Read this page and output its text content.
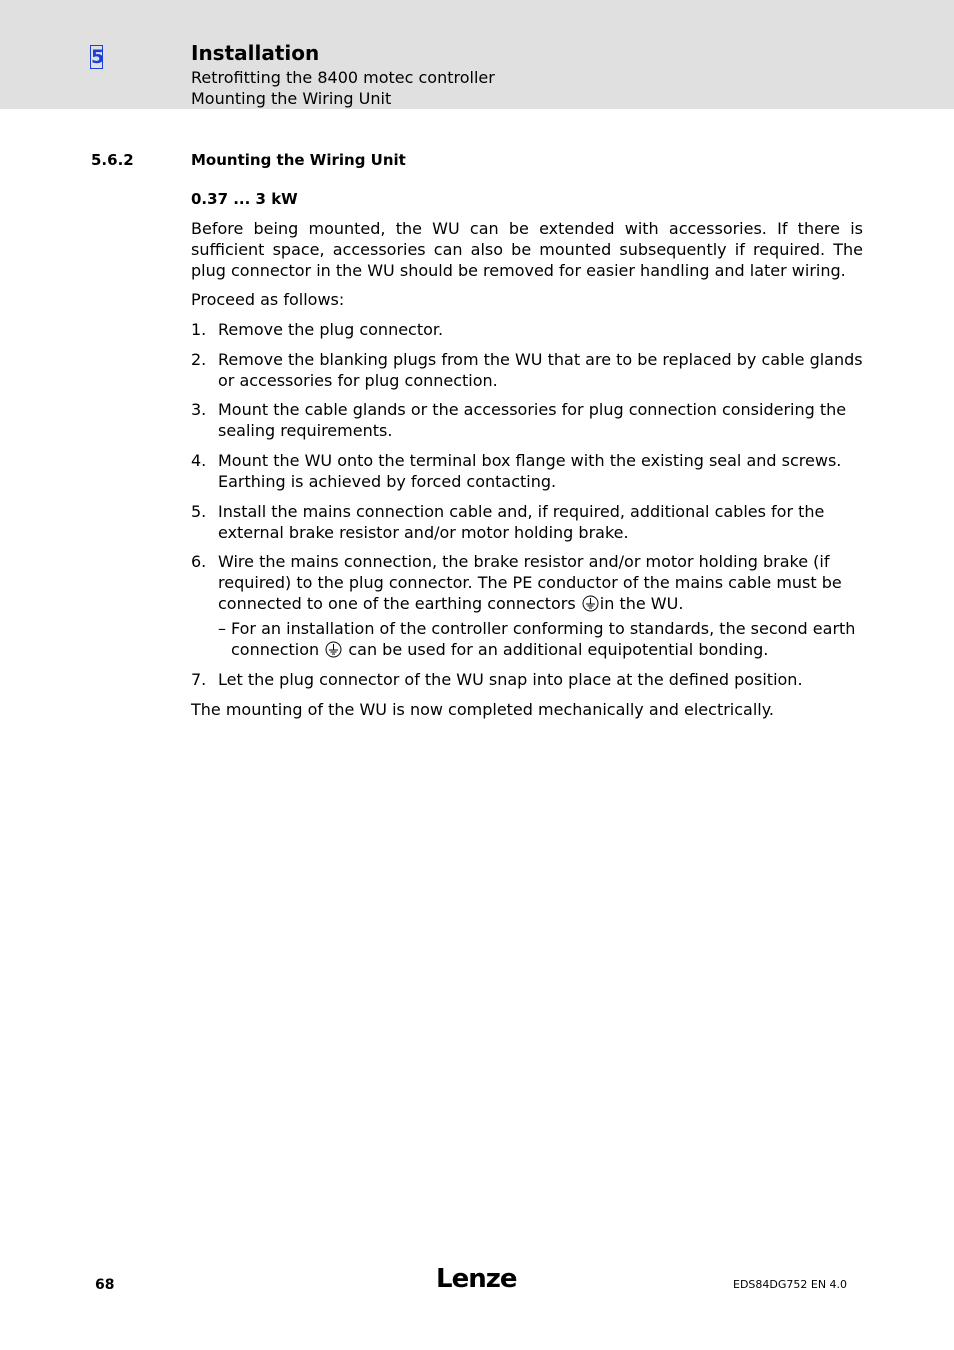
5	Installation
Retrofitting the 8400 motec controller
Mounting the Wiring Unit
5.6.2	Mounting the Wiring Unit
0.37 ... 3 kW
Before being mounted, the WU can be extended with accessories. If there is sufficient space, accessories can also be mounted subsequently if required. The plug connector in the WU should be removed for easier handling and later wiring.
Proceed as follows:
1. Remove the plug connector.
2. Remove the blanking plugs from the WU that are to be replaced by cable glands or accessories for plug connection.
3. Mount the cable glands or the accessories for plug connection considering the sealing requirements.
4. Mount the WU onto the terminal box flange with the existing seal and screws. Earthing is achieved by forced contacting.
5. Install the mains connection cable and, if required, additional cables for the external brake resistor and/or motor holding brake.
6. Wire the mains connection, the brake resistor and/or motor holding brake (if required) to the plug connector. The PE conductor of the mains cable must be connected to one of the earthing connectors in the WU.
– For an installation of the controller conforming to standards, the second earth connection  can be used for an additional equipotential bonding.
7. Let the plug connector of the WU snap into place at the defined position.
The mounting of the WU is now completed mechanically and electrically.
68	Lenze	EDS84DG752 EN 4.0
